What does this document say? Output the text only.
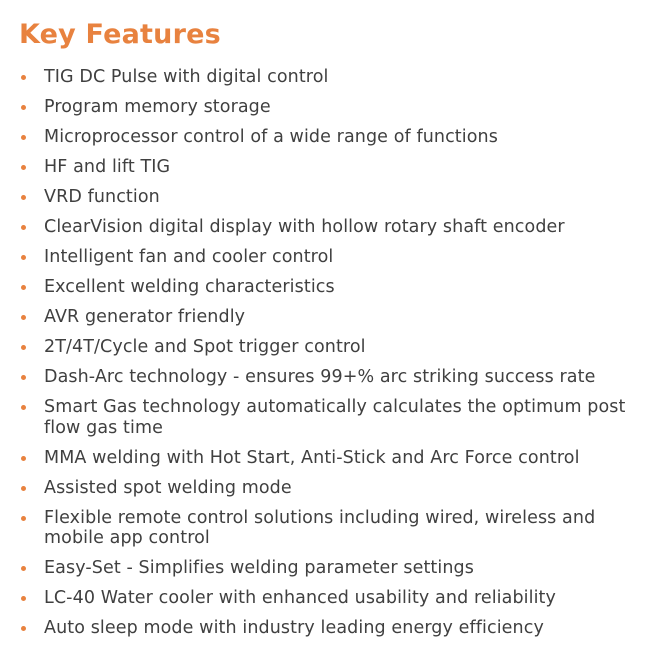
Key Features
TIG DC Pulse with digital control
Program memory storage
Microprocessor control of a wide range of functions
HF and lift TIG
VRD function
ClearVision digital display with hollow rotary shaft encoder
Intelligent fan and cooler control
Excellent welding characteristics
AVR generator friendly
2T/4T/Cycle and Spot trigger control
Dash-Arc technology - ensures 99+% arc striking success rate
Smart Gas technology automatically calculates the optimum post flow gas time
MMA welding with Hot Start, Anti-Stick and Arc Force control
Assisted spot welding mode
Flexible remote control solutions including wired, wireless and mobile app control
Easy-Set - Simplifies welding parameter settings
LC-40 Water cooler with enhanced usability and reliability
Auto sleep mode with industry leading energy efficiency
